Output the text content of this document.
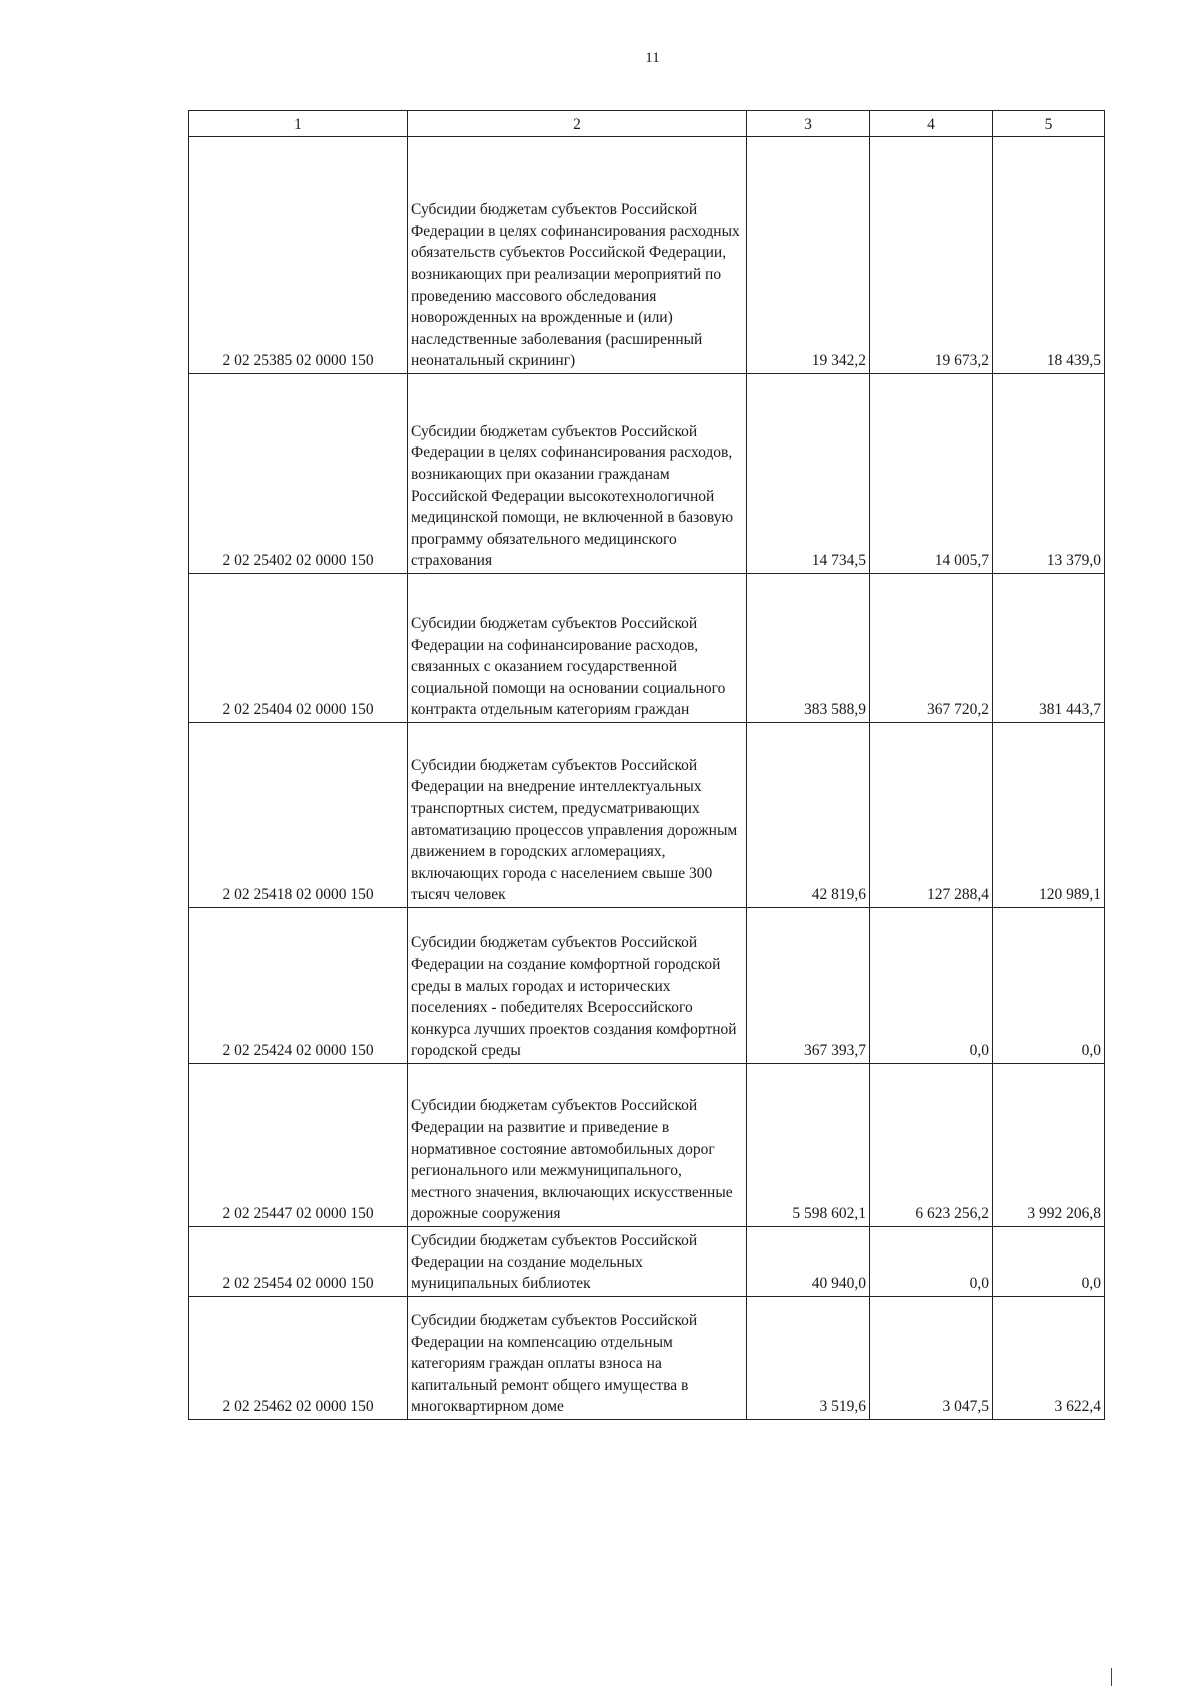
11
1	2	3	4	5
2 02 25385 02 0000 150	Субсидии бюджетам субъектов Российской Федерации в целях софинансирования расходных обязательств субъектов Российской Федерации, возникающих при реализации мероприятий по проведению массового обследования новорожденных на врожденные и (или) наследственные заболевания (расширенный неонатальный скрининг)	19 342,2	19 673,2	18 439,5
2 02 25402 02 0000 150	Субсидии бюджетам субъектов Российской Федерации в целях софинансирования расходов, возникающих при оказании гражданам Российской Федерации высокотехнологичной медицинской помощи, не включенной в базовую программу обязательного медицинского страхования	14 734,5	14 005,7	13 379,0
2 02 25404 02 0000 150	Субсидии бюджетам субъектов Российской Федерации на софинансирование расходов, связанных с оказанием государственной социальной помощи на основании социального контракта отдельным категориям граждан	383 588,9	367 720,2	381 443,7
2 02 25418 02 0000 150	Субсидии бюджетам субъектов Российской Федерации на внедрение интеллектуальных транспортных систем, предусматривающих автоматизацию процессов управления дорожным движением в городских агломерациях, включающих города с населением свыше 300 тысяч человек	42 819,6	127 288,4	120 989,1
2 02 25424 02 0000 150	Субсидии бюджетам субъектов Российской Федерации на создание комфортной городской среды в малых городах и исторических поселениях - победителях Всероссийского конкурса лучших проектов создания комфортной городской среды	367 393,7	0,0	0,0
2 02 25447 02 0000 150	Субсидии бюджетам субъектов Российской Федерации на развитие и приведение в нормативное состояние автомобильных дорог регионального или межмуниципального, местного значения, включающих искусственные дорожные сооружения	5 598 602,1	6 623 256,2	3 992 206,8
2 02 25454 02 0000 150	Субсидии бюджетам субъектов Российской Федерации на создание модельных муниципальных библиотек	40 940,0	0,0	0,0
2 02 25462 02 0000 150	Субсидии бюджетам субъектов Российской Федерации на компенсацию отдельным категориям граждан оплаты взноса на капитальный ремонт общего имущества в многоквартирном доме	3 519,6	3 047,5	3 622,4
